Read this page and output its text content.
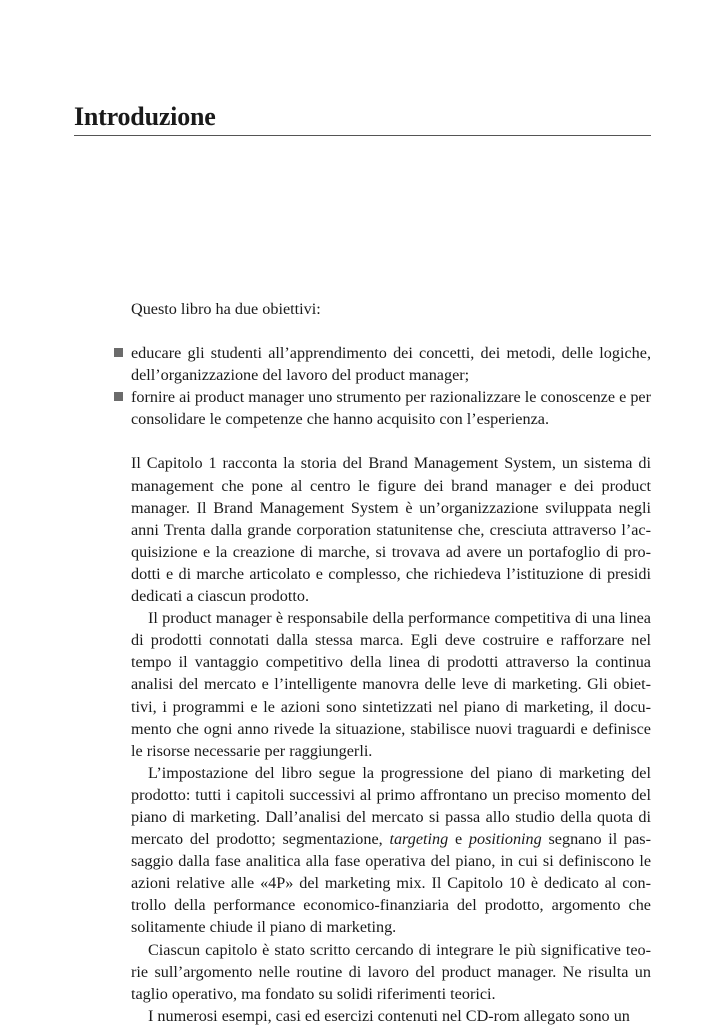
Introduzione

Questo libro ha due obiettivi:

educare gli studenti all’apprendimento dei concetti, dei metodi, delle logiche, dell’organizzazione del lavoro del product manager;
fornire ai product manager uno strumento per razionalizzare le conoscenze e per consolidare le competenze che hanno acquisito con l’esperienza.

Il Capitolo 1 racconta la storia del Brand Management System, un sistema di management che pone al centro le figure dei brand manager e dei product manager. Il Brand Management System è un’organizzazione sviluppata negli anni Trenta dalla grande corporation statunitense che, cresciuta attraverso l’acquisizione e la creazione di marche, si trovava ad avere un portafoglio di prodotti e di marche articolato e complesso, che richiedeva l’istituzione di presidi dedicati a ciascun prodotto.

Il product manager è responsabile della performance competitiva di una linea di prodotti connotati dalla stessa marca. Egli deve costruire e rafforzare nel tempo il vantaggio competitivo della linea di prodotti attraverso la continua analisi del mercato e l’intelligente manovra delle leve di marketing. Gli obiettivi, i programmi e le azioni sono sintetizzati nel piano di marketing, il documento che ogni anno rivede la situazione, stabilisce nuovi traguardi e definisce le risorse necessarie per raggiungerli.

L’impostazione del libro segue la progressione del piano di marketing del prodotto: tutti i capitoli successivi al primo affrontano un preciso momento del piano di marketing. Dall’analisi del mercato si passa allo studio della quota di mercato del prodotto; segmentazione, targeting e positioning segnano il passaggio dalla fase analitica alla fase operativa del piano, in cui si definiscono le azioni relative alle «4P» del marketing mix. Il Capitolo 10 è dedicato al controllo della performance economico-finanziaria del prodotto, argomento che solitamente chiude il piano di marketing.

Ciascun capitolo è stato scritto cercando di integrare le più significative teorie sull’argomento nelle routine di lavoro del product manager. Ne risulta un taglio operativo, ma fondato su solidi riferimenti teorici.

I numerosi esempi, casi ed esercizi contenuti nel CD-rom allegato sono un
